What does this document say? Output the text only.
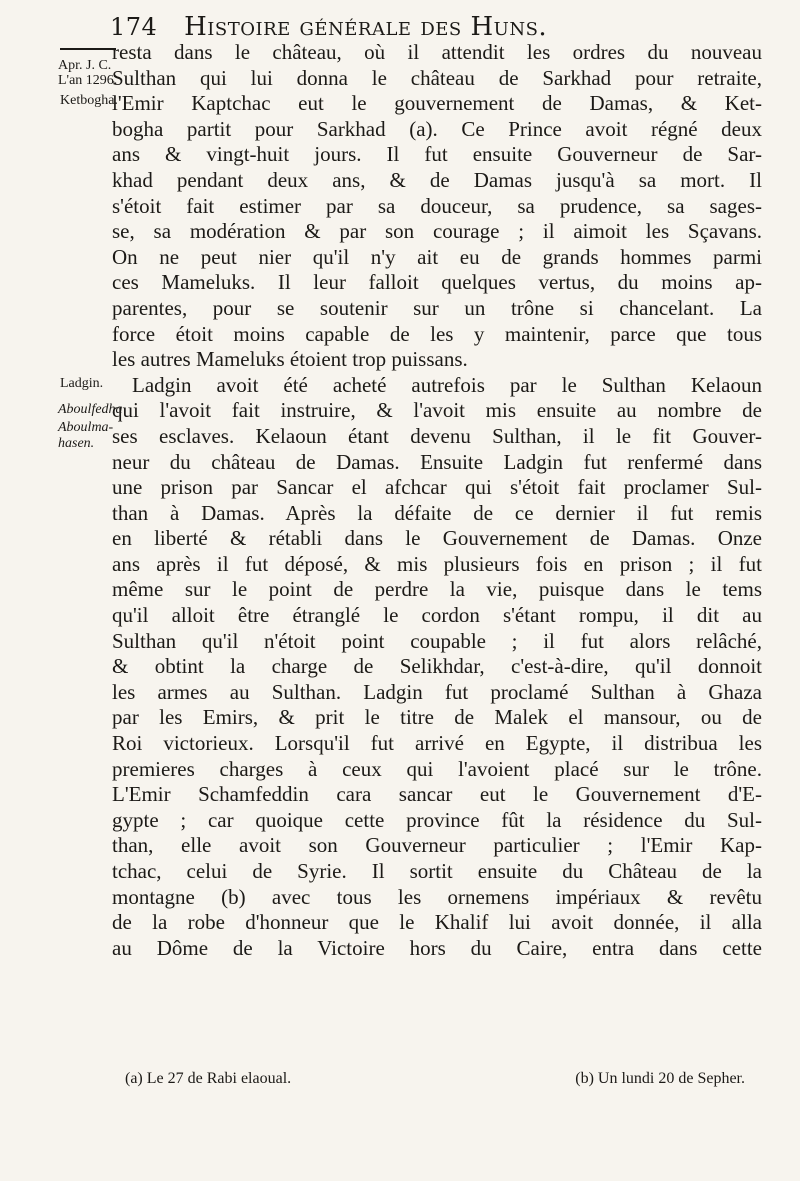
174 Histoire générale des Huns.
Apr. J. C.
L'an 1296.
Ketbogha.
Ladgin.
Aboulfedha
Aboulma-
hasen.
resta dans le château, où il attendit les ordres du nouveau
Sulthan qui lui donna le château de Sarkhad pour retraite,
l'Emir Kaptchac eut le gouvernement de Damas, & Ket-
bogha partit pour Sarkhad (a). Ce Prince avoit régné deux
ans & vingt-huit jours. Il fut ensuite Gouverneur de Sar-
khad pendant deux ans, & de Damas jusqu'à sa mort. Il
s'étoit fait estimer par sa douceur, sa prudence, sa sages-
se, sa modération & par son courage ; il aimoit les Sçavans.
On ne peut nier qu'il n'y ait eu de grands hommes parmi
ces Mameluks. Il leur falloit quelques vertus, du moins ap-
parentes, pour se soutenir sur un trône si chancelant. La
force étoit moins capable de les y maintenir, parce que tous
les autres Mameluks étoient trop puissans.
Ladgin avoit été acheté autrefois par le Sulthan Kelaoun
qui l'avoit fait instruire, & l'avoit mis ensuite au nombre de
ses esclaves. Kelaoun étant devenu Sulthan, il le fit Gouver-
neur du château de Damas. Ensuite Ladgin fut renfermé dans
une prison par Sancar el afchcar qui s'étoit fait proclamer Sul-
than à Damas. Après la défaite de ce dernier il fut remis
en liberté & rétabli dans le Gouvernement de Damas. Onze
ans après il fut déposé, & mis plusieurs fois en prison ; il fut
même sur le point de perdre la vie, puisque dans le tems
qu'il alloit être étranglé le cordon s'étant rompu, il dit au
Sulthan qu'il n'étoit point coupable ; il fut alors relâché,
& obtint la charge de Selikhdar, c'est-à-dire, qu'il donnoit
les armes au Sulthan. Ladgin fut proclamé Sulthan à Ghaza
par les Emirs, & prit le titre de Malek el mansour, ou de
Roi victorieux. Lorsqu'il fut arrivé en Egypte, il distribua les
premieres charges à ceux qui l'avoient placé sur le trône.
L'Emir Schamfeddin cara sancar eut le Gouvernement d'E-
gypte ; car quoique cette province fût la résidence du Sul-
than, elle avoit son Gouverneur particulier ; l'Emir Kap-
tchac, celui de Syrie. Il sortit ensuite du Château de la
montagne (b) avec tous les ornemens impériaux & revêtu
de la robe d'honneur que le Khalif lui avoit donnée, il alla
au Dôme de la Victoire hors du Caire, entra dans cette
(a) Le 27 de Rabi elaoual.	(b) Un lundi 20 de Sepher.
